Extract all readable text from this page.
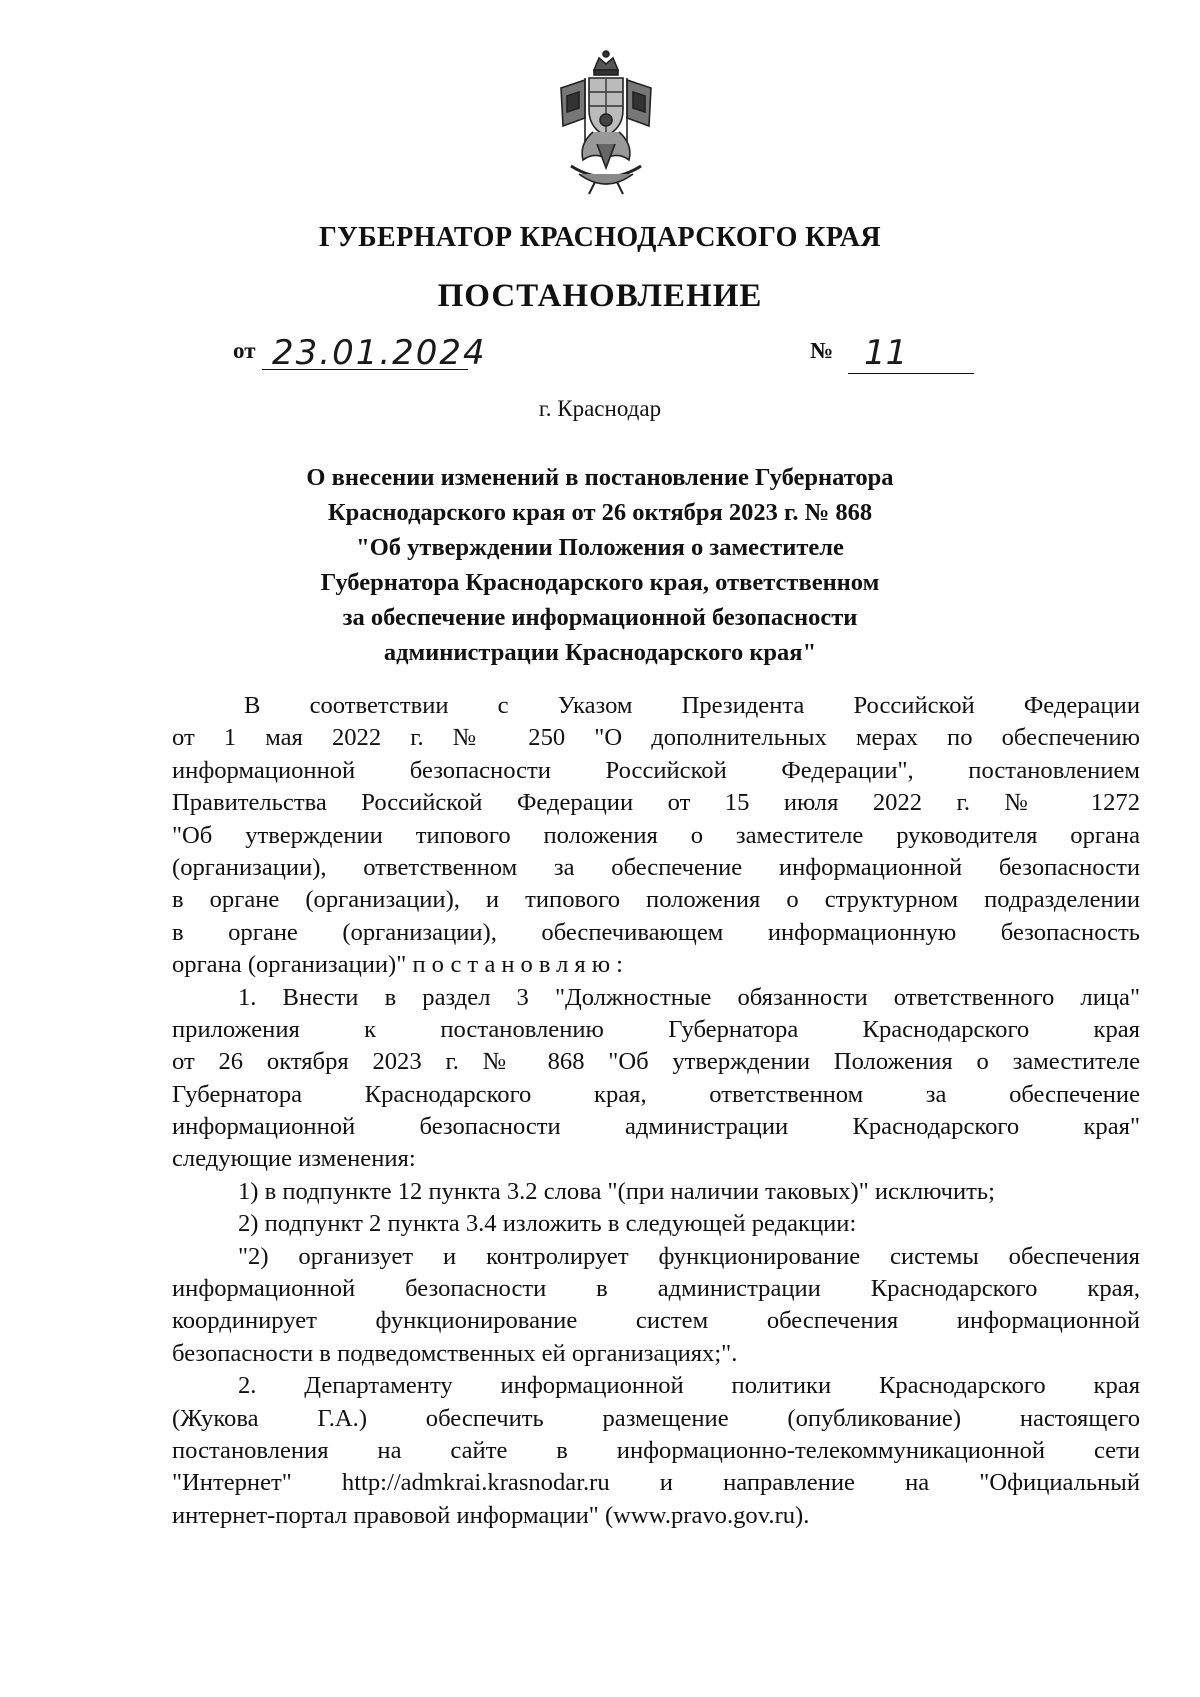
ГУБЕРНАТОР КРАСНОДАРСКОГО КРАЯ
ПОСТАНОВЛЕНИЕ
от 23.01.2024	№ 11
г. Краснодар
О внесении изменений в постановление Губернатора
Краснодарского края от 26 октября 2023 г. № 868
"Об утверждении Положения о заместителе
Губернатора Краснодарского края, ответственном
за обеспечение информационной безопасности
администрации Краснодарского края"
В соответствии с Указом Президента Российской Федерации
от 1 мая 2022 г. № 250 "О дополнительных мерах по обеспечению
информационной безопасности Российской Федерации", постановлением
Правительства Российской Федерации от 15 июля 2022 г. № 1272
"Об утверждении типового положения о заместителе руководителя органа
(организации), ответственном за обеспечение информационной безопасности
в органе (организации), и типового положения о структурном подразделении
в органе (организации), обеспечивающем информационную безопасность
органа (организации)" постановляю:
1. Внести в раздел 3 "Должностные обязанности ответственного лица"
приложения к постановлению Губернатора Краснодарского края
от 26 октября 2023 г. № 868 "Об утверждении Положения о заместителе
Губернатора Краснодарского края, ответственном за обеспечение
информационной безопасности администрации Краснодарского края"
следующие изменения:
1) в подпункте 12 пункта 3.2 слова "(при наличии таковых)" исключить;
2) подпункт 2 пункта 3.4 изложить в следующей редакции:
"2) организует и контролирует функционирование системы обеспечения
информационной безопасности в администрации Краснодарского края,
координирует функционирование систем обеспечения информационной
безопасности в подведомственных ей организациях;".
2. Департаменту информационной политики Краснодарского края
(Жукова Г.А.) обеспечить размещение (опубликование) настоящего
постановления на сайте в информационно-телекоммуникационной сети
"Интернет" http://admkrai.krasnodar.ru и направление на "Официальный
интернет-портал правовой информации" (www.pravo.gov.ru).
